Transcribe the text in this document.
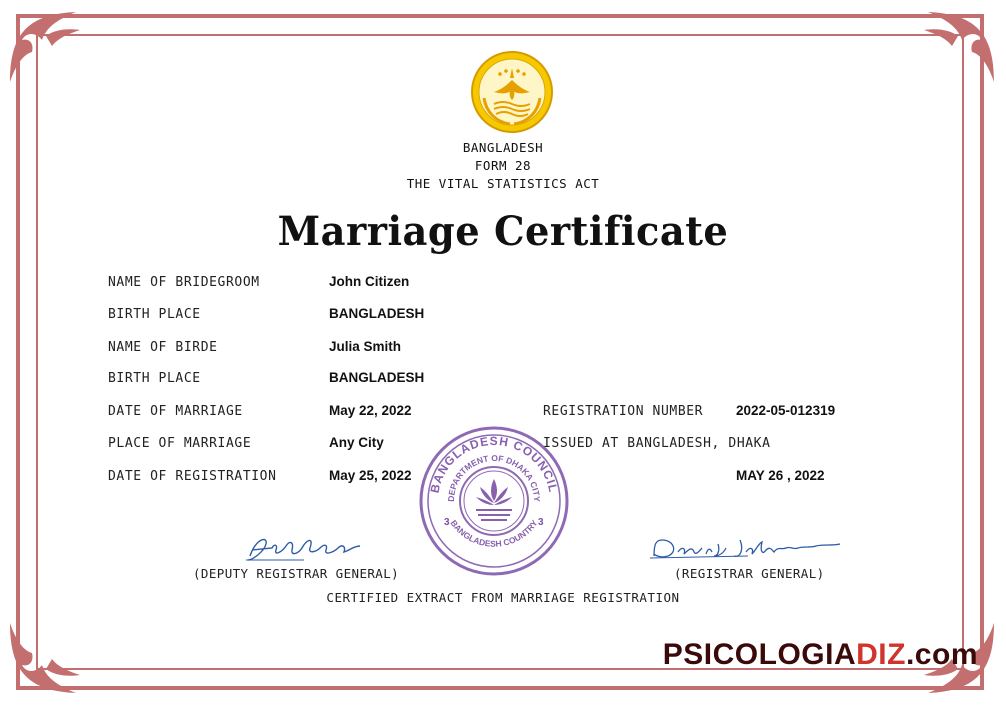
BANGLADESH
FORM 28
THE VITAL STATISTICS ACT
Marriage Certificate
NAME OF BRIDEGROOM	John Citizen
BIRTH PLACE	BANGLADESH
NAME OF BIRDE	Julia Smith
BIRTH PLACE	BANGLADESH
DATE OF MARRIAGE	May 22, 2022
PLACE OF MARRIAGE	Any City
DATE OF REGISTRATION	May 25, 2022
REGISTRATION NUMBER 2022-05-012319
ISSUED AT BANGLADESH, DHAKA
MAY 26 , 2022
BANGLADESH COUNCIL
DEPARTMENT OF DHAKA CITY
BANGLADESH COUNTRY
3	3
(DEPUTY REGISTRAR GENERAL)	(REGISTRAR GENERAL)
CERTIFIED EXTRACT FROM MARRIAGE REGISTRATION
PSICOLOGIADIZ.com
